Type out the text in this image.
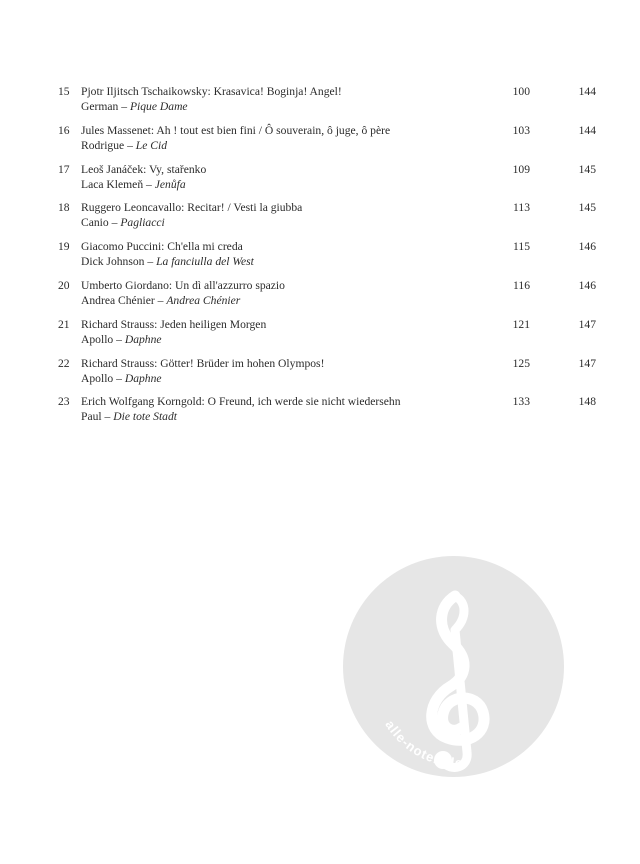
15 Pjotr Iljitsch Tschaikowsky: Krasavica! Boginja! Angel!
German – Pique Dame
100	144
16 Jules Massenet: Ah ! tout est bien fini / Ô souverain, ô juge, ô père
Rodrigue – Le Cid
103	144
17 Leoš Janáček: Vy, stařenko
Laca Klemeň – Jenůfa
109	145
18 Ruggero Leoncavallo: Recitar! / Vesti la giubba
Canio – Pagliacci
113	145
19 Giacomo Puccini: Ch'ella mi creda
Dick Johnson – La fanciulla del West
115	146
20 Umberto Giordano: Un dì all'azzurro spazio
Andrea Chénier – Andrea Chénier
116	146
21 Richard Strauss: Jeden heiligen Morgen
Apollo – Daphne
121	147
22 Richard Strauss: Götter! Brüder im hohen Olympos!
Apollo – Daphne
125	147
23 Erich Wolfgang Korngold: O Freund, ich werde sie nicht wiedersehn
Paul – Die tote Stadt
133	148
alle-noten.de
